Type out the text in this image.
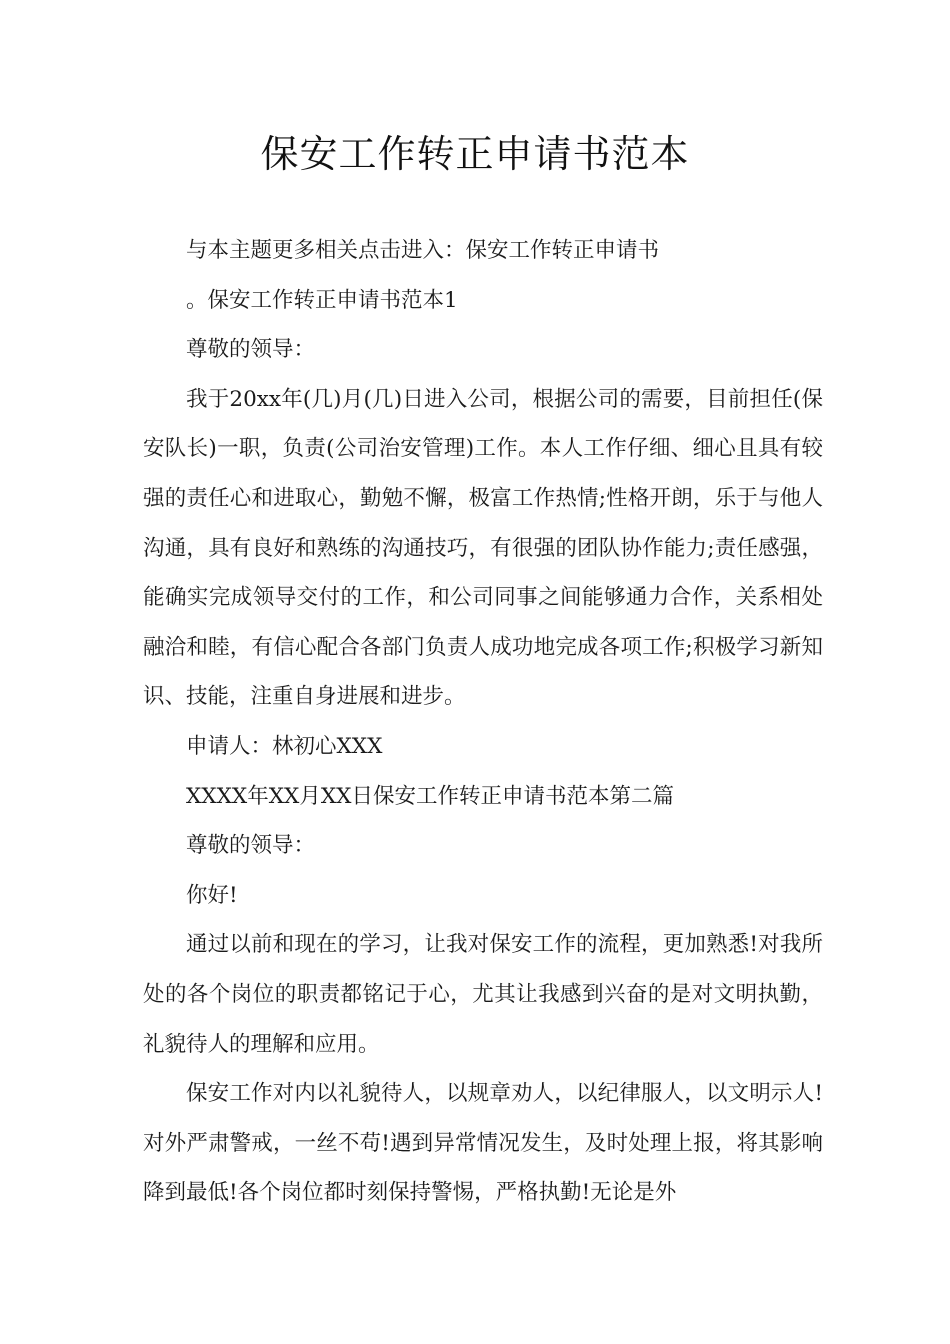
保安工作转正申请书范本

与本主题更多相关点击进入：保安工作转正申请书

。保安工作转正申请书范本1

尊敬的领导：

我于20xx年(几)月(几)日进入公司，根据公司的需要，目前担任(保安队长)一职，负责(公司治安管理)工作。本人工作仔细、细心且具有较强的责任心和进取心，勤勉不懈，极富工作热情;性格开朗，乐于与他人沟通，具有良好和熟练的沟通技巧，有很强的团队协作能力;责任感强，能确实完成领导交付的工作，和公司同事之间能够通力合作，关系相处融洽和睦，有信心配合各部门负责人成功地完成各项工作;积极学习新知识、技能，注重自身进展和进步。

申请人：林初心XXX

XXXX年XX月XX日保安工作转正申请书范本第二篇

尊敬的领导：

你好!

通过以前和现在的学习，让我对保安工作的流程，更加熟悉!对我所处的各个岗位的职责都铭记于心，尤其让我感到兴奋的是对文明执勤，礼貌待人的理解和应用。

保安工作对内以礼貌待人，以规章劝人，以纪律服人，以文明示人!对外严肃警戒，一丝不苟!遇到异常情况发生，及时处理上报，将其影响降到最低!各个岗位都时刻保持警惕，严格执勤!无论是外
